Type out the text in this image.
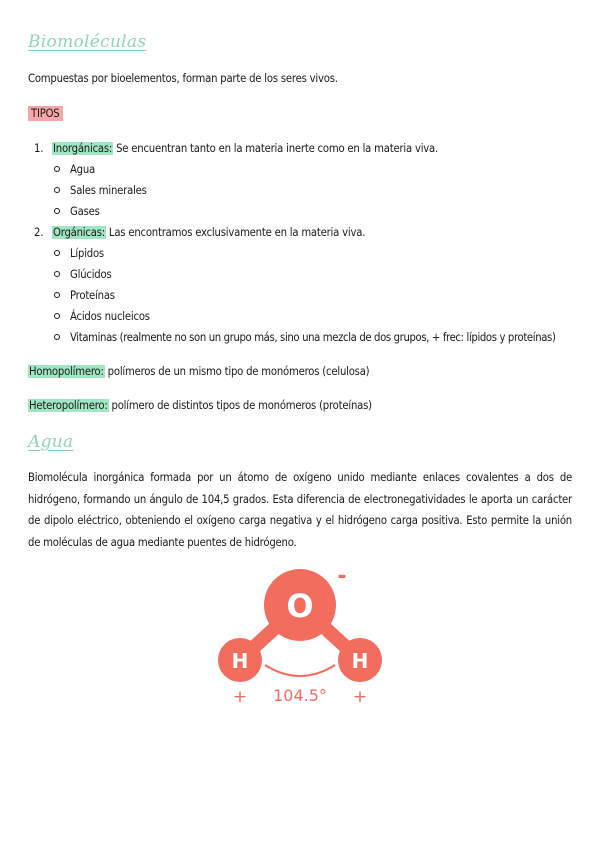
Biomoléculas
Compuestas por bioelementos, forman parte de los seres vivos.
TIPOS
1. Inorgánicas: Se encuentran tanto en la materia inerte como en la materia viva.
Agua
Sales minerales
Gases
2. Orgánicas: Las encontramos exclusivamente en la materia viva.
Lípidos
Glúcidos
Proteínas
Ácidos nucleicos
Vitaminas (realmente no son un grupo más, sino una mezcla de dos grupos, + frec: lípidos y proteínas)
Homopolímero: polímeros de un mismo tipo de monómeros (celulosa)
Heteropolímero: polímero de distintos tipos de monómeros (proteínas)
Agua
Biomolécula inorgánica formada por un átomo de oxígeno unido mediante enlaces covalentes a dos de hidrógeno, formando un ángulo de 104,5 grados. Esta diferencia de electronegatividades le aporta un carácter de dipolo eléctrico, obteniendo el oxígeno carga negativa y el hidrógeno carga positiva. Esto permite la unión de moléculas de agua mediante puentes de hidrógeno.
O
H	H
-
+ 104.5° +
